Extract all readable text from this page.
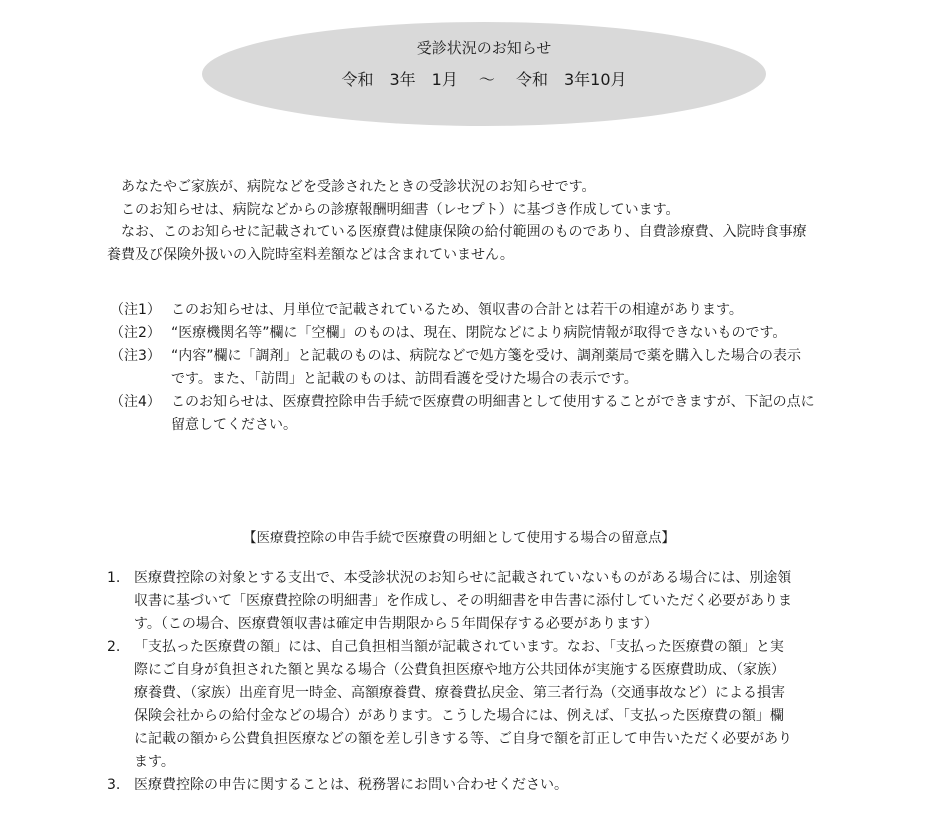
受診状況のお知らせ
令和　3年　1月　 ～　 令和　3年10月
　あなたやご家族が、病院などを受診されたときの受診状況のお知らせです。
　このお知らせは、病院などからの診療報酬明細書（レセプト）に基づき作成しています。
　なお、このお知らせに記載されている医療費は健康保険の給付範囲のものであり、自費診療費、入院時食事療
養費及び保険外扱いの入院時室料差額などは含まれていません。
（注1） このお知らせは、月単位で記載されているため、領収書の合計とは若干の相違があります。
（注2） “医療機関名等”欄に「空欄」のものは、現在、閉院などにより病院情報が取得できないものです。
（注3） “内容”欄に「調剤」と記載のものは、病院などで処方箋を受け、調剤薬局で薬を購入した場合の表示
です。また、「訪問」と記載のものは、訪問看護を受けた場合の表示です。
（注4） このお知らせは、医療費控除申告手続で医療費の明細書として使用することができますが、下記の点に
留意してください。
【医療費控除の申告手続で医療費の明細として使用する場合の留意点】
1. 医療費控除の対象とする支出で、本受診状況のお知らせに記載されていないものがある場合には、別途領
収書に基づいて「医療費控除の明細書」を作成し、その明細書を申告書に添付していただく必要がありま
す。（この場合、医療費領収書は確定申告期限から５年間保存する必要があります）
2. 「支払った医療費の額」には、自己負担相当額が記載されています。なお、「支払った医療費の額」と実
際にご自身が負担された額と異なる場合（公費負担医療や地方公共団体が実施する医療費助成、（家族）
療養費、（家族）出産育児一時金、高額療養費、療養費払戻金、第三者行為（交通事故など）による損害
保険会社からの給付金などの場合）があります。こうした場合には、例えば、「支払った医療費の額」欄
に記載の額から公費負担医療などの額を差し引きする等、ご自身で額を訂正して申告いただく必要があり
ます。
3. 医療費控除の申告に関することは、税務署にお問い合わせください。
